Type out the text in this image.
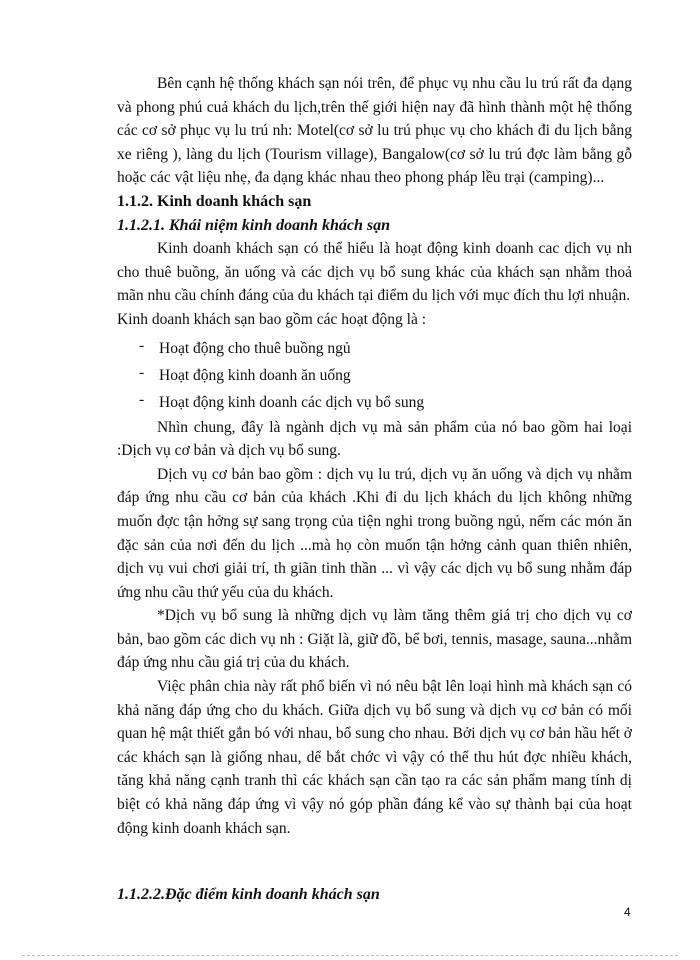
Bên cạnh hệ thống khách sạn nói trên, để phục vụ nhu cầu lu trú rất đa dạng và phong phú cuả khách du lịch,trên thế giới hiện nay đã hình thành một hệ thống các cơ sở phục vụ lu trú nh: Motel(cơ sở lu trú phục vụ cho khách đi du lịch bằng xe riêng ), làng du lịch (Tourism village), Bangalow(cơ sở lu trú đợc làm bằng gỗ hoặc các vật liệu nhẹ, đa dạng khác nhau theo phong pháp lều trại (camping)...

1.1.2. Kinh doanh khách sạn

1.1.2.1. Khái niệm kinh doanh khách sạn

Kinh doanh khách sạn có thể hiểu là hoạt động kinh doanh cac dịch vụ nh cho thuê buồng, ăn uống và các dịch vụ bổ sung khác của khách sạn nhằm thoả mãn nhu cầu chính đáng của du khách tại điểm du lịch với mục đích thu lợi nhuận.

Kinh doanh khách sạn bao gồm các hoạt động là :

- Hoạt động cho thuê buồng ngủ
- Hoạt động kinh doanh ăn uống
- Hoạt động kinh doanh các dịch vụ bổ sung

Nhìn chung, đây là ngành dịch vụ mà sản phẩm của nó bao gồm hai loại :Dịch vụ cơ bản và dịch vụ bổ sung.

Dịch vụ cơ bản bao gồm : dịch vụ lu trú, dịch vụ ăn uống và dịch vụ nhằm đáp ứng nhu cầu cơ bản của khách .Khi đi du lịch khách du lịch không những muốn đợc tận hởng sự sang trọng của tiện nghi trong buồng ngủ, nếm các món ăn đặc sản của nơi đến du lịch ...mà họ còn muốn tận hởng cảnh quan thiên nhiên, dịch vụ vui chơi giải trí, th giãn tinh thần ... vì vậy các dịch vụ bổ sung nhằm đáp ứng nhu cầu thứ yếu của du khách.

*Dịch vụ bổ sung là những dịch vụ làm tăng thêm giá trị cho dịch vụ cơ bản, bao gồm các dich vụ nh : Giặt là, giữ đồ, bể bơi, tennis, masage, sauna...nhằm đáp ứng nhu cầu giá trị của du khách.

Việc phân chia này rất phổ biến vì nó nêu bật lên loại hình mà khách sạn có khả năng đáp ứng cho du khách. Giữa dịch vụ bổ sung và dịch vụ cơ bản có mối quan hệ mật thiết gắn bó với nhau, bổ sung cho nhau. Bởi dịch vụ cơ bản hầu hết ở các khách sạn là giống nhau, dể bắt chớc vì vậy có thể thu hút đợc nhiều khách, tăng khả năng cạnh tranh thì các khách sạn cần tạo ra các sản phẩm mang tính dị biệt có khả năng đáp ứng vì vậy nó góp phần đáng kể vào sự thành bại của hoạt động kinh doanh khách sạn.

1.1.2.2.Đặc điểm kinh doanh khách sạn

4
